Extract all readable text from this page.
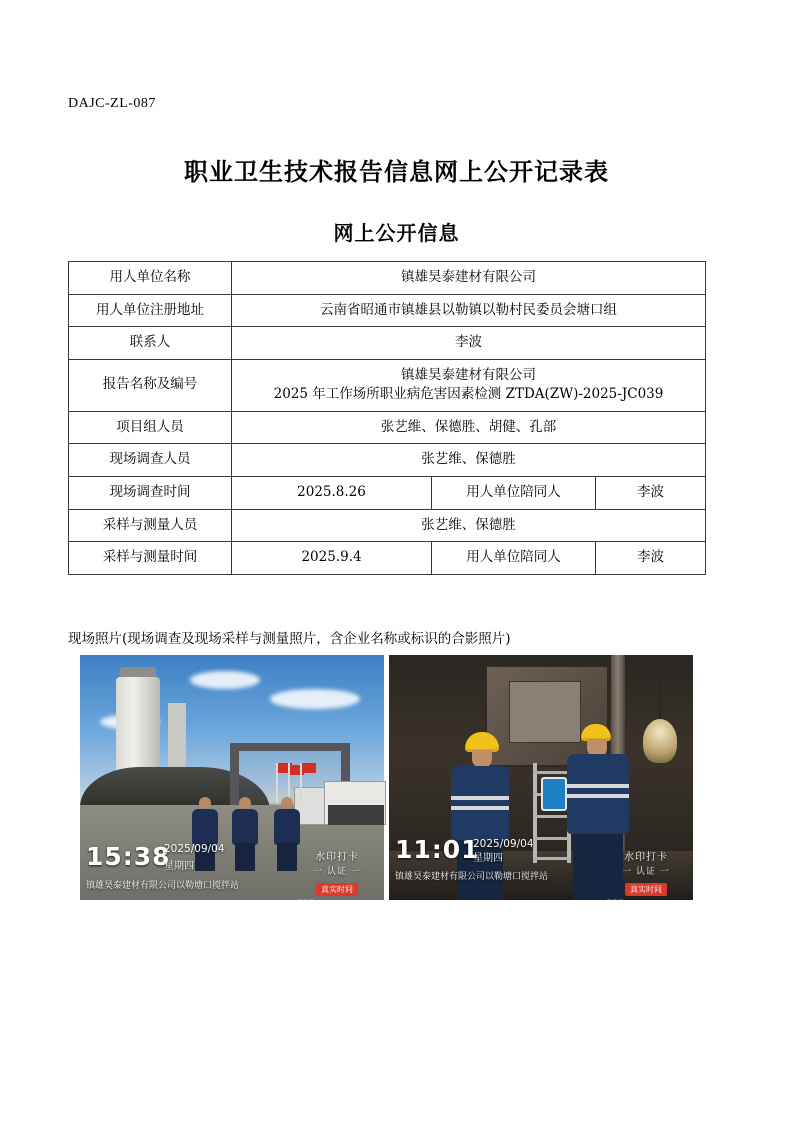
DAJC-ZL-087
职业卫生技术报告信息网上公开记录表
网上公开信息
用人单位名称	镇雄昊泰建材有限公司		
用人单位注册地址	云南省昭通市镇雄县以勒镇以勒村民委员会塘口组		
联系人	李波		
报告名称及编号	镇雄昊泰建材有限公司
2025 年工作场所职业病危害因素检测 ZTDA(ZW)-2025-JC039		

项目组人员	张艺维、保德胜、胡健、孔部		
现场调查人员	张艺维、保德胜		
现场调查时间	2025.8.26	用人单位陪同人	李波
采样与测量人员	张艺维、保德胜		
采样与测量时间	2025.9.4	用人单位陪同人	李波
现场照片(现场调查及现场采样与测量照片，含企业名称或标识的合影照片)
15:38
2025/09/04
星期四
镇雄昊泰建材有限公司以勒塘口搅拌站
水印打卡
一 认证 一
真实时间
防伪码 KQCCBFXHF9RB6ZNT
11:01
2025/09/04
星期四
镇雄昊泰建材有限公司以勒塘口搅拌站
水印打卡
一 认证 一
真实时间
防伪码 KQCCBFXHF9RB6ZNT
